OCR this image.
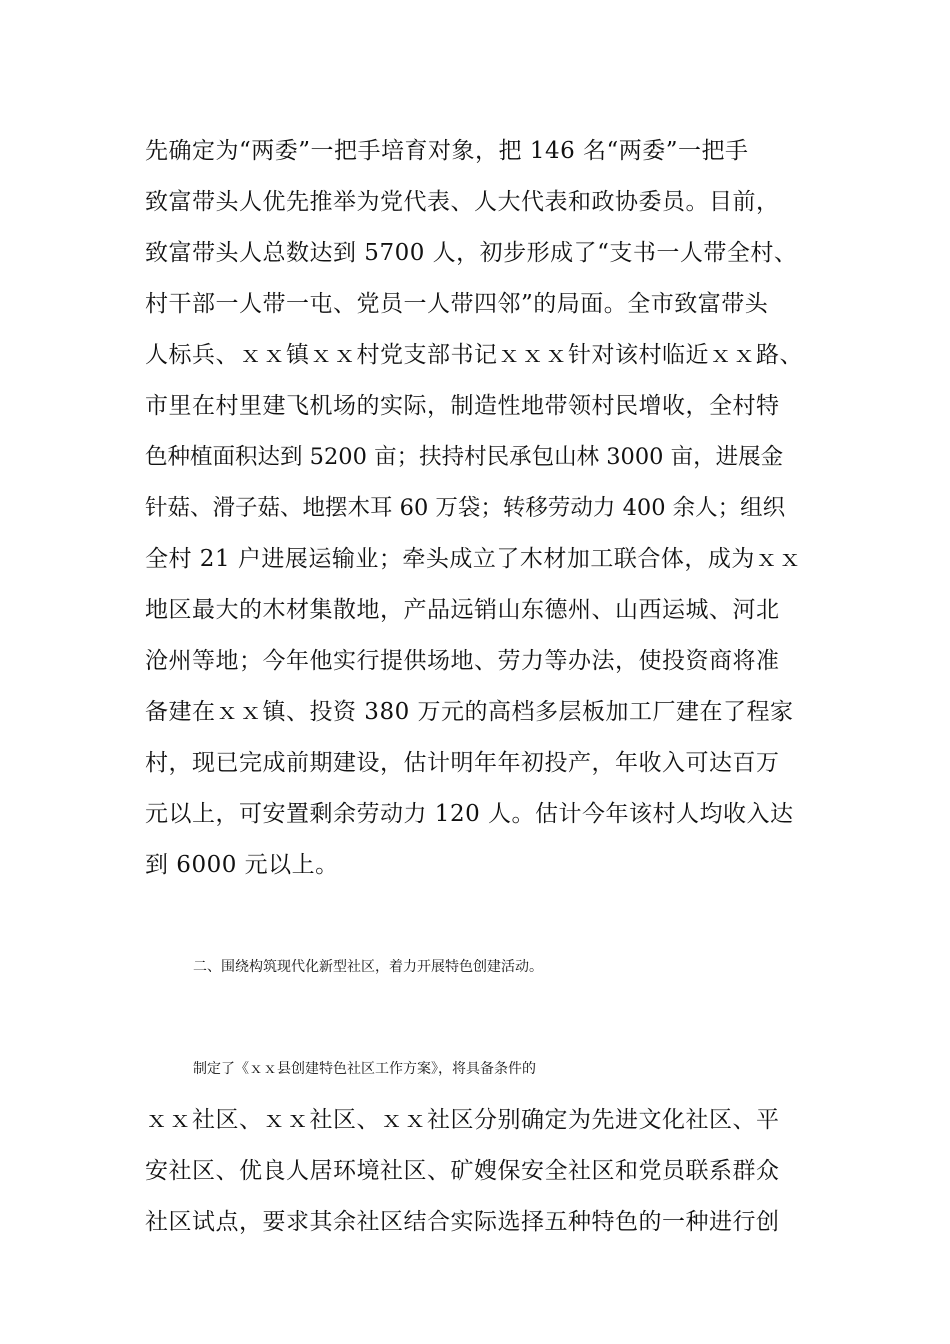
先确定为“两委”一把手培育对象，把 146 名“两委”一把手
致富带头人优先推举为党代表、人大代表和政协委员。目前，
致富带头人总数达到 5700 人，初步形成了“支书一人带全村、
村干部一人带一屯、党员一人带四邻”的局面。全市致富带头
人标兵、ｘｘ镇ｘｘ村党支部书记ｘｘｘ针对该村临近ｘｘ路、
市里在村里建飞机场的实际，制造性地带领村民增收，全村特
色种植面积达到 5200 亩；扶持村民承包山林 3000 亩，进展金
针菇、滑子菇、地摆木耳 60 万袋；转移劳动力 400 余人；组织
全村 21 户进展运输业；牵头成立了木材加工联合体，成为ｘｘ
地区最大的木材集散地，产品远销山东德州、山西运城、河北
沧州等地；今年他实行提供场地、劳力等办法，使投资商将准
备建在ｘｘ镇、投资 380 万元的高档多层板加工厂建在了程家
村，现已完成前期建设，估计明年年初投产，年收入可达百万
元以上，可安置剩余劳动力 120 人。估计今年该村人均收入达
到 6000 元以上。
二、围绕构筑现代化新型社区，着力开展特色创建活动。
制定了《ｘｘ县创建特色社区工作方案》，将具备条件的
ｘｘ社区、ｘｘ社区、ｘｘ社区分别确定为先进文化社区、平
安社区、优良人居环境社区、矿嫂保安全社区和党员联系群众
社区试点，要求其余社区结合实际选择五种特色的一种进行创
